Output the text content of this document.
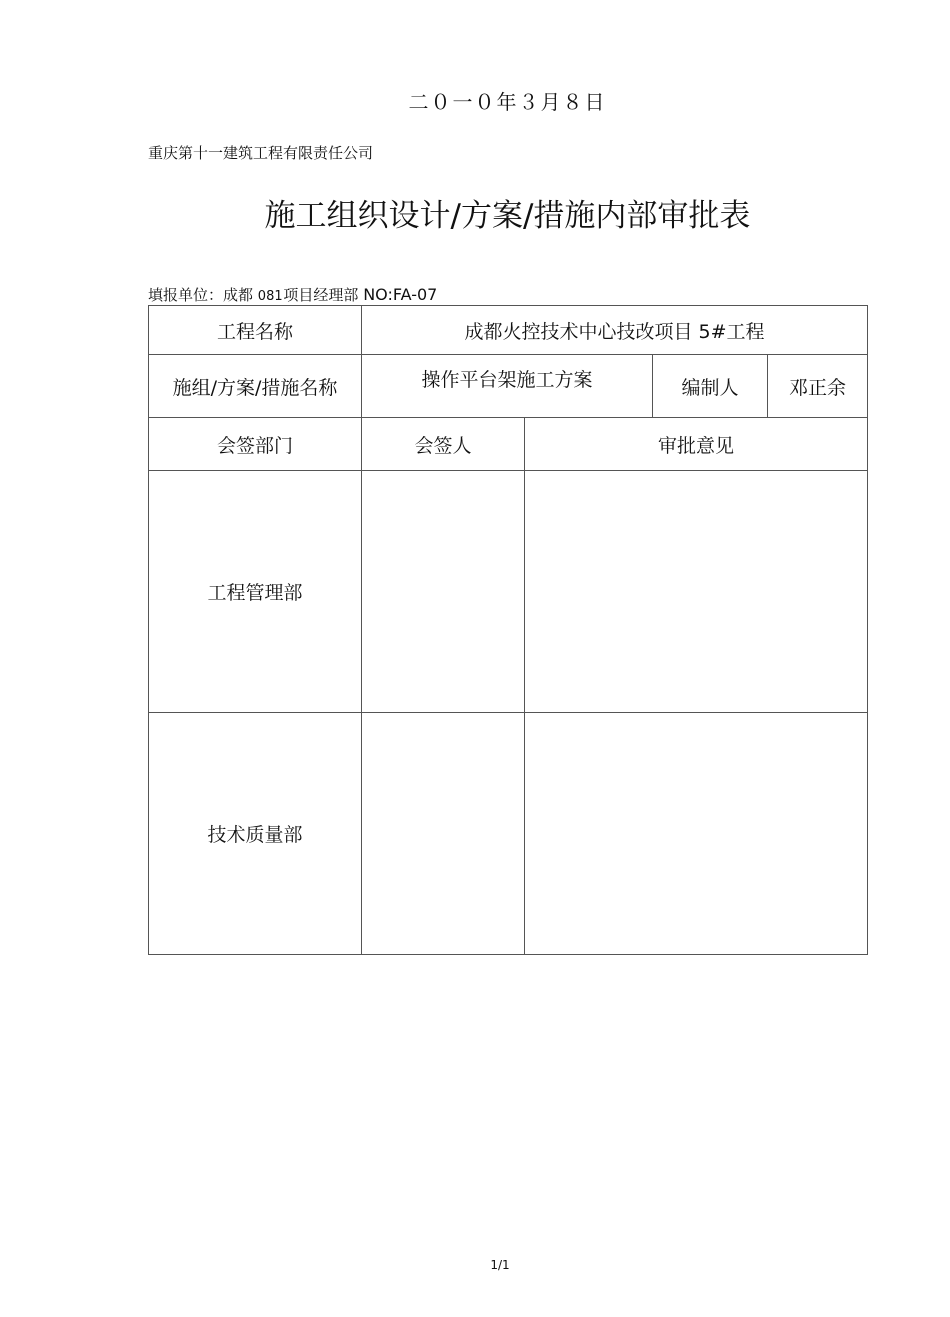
二０一０年３月８日
重庆第十一建筑工程有限责任公司
施工组织设计/方案/措施内部审批表
填报单位：成都 081 项目经理部 NO:FA-07
工程名称	成都火控技术中心技改项目 5#工程			
施组/方案/措施名称	操作平台架施工方案		编制人	邓正余
会签部门	会签人	审批意见		
工程管理部				
技术质量部				
1/1
